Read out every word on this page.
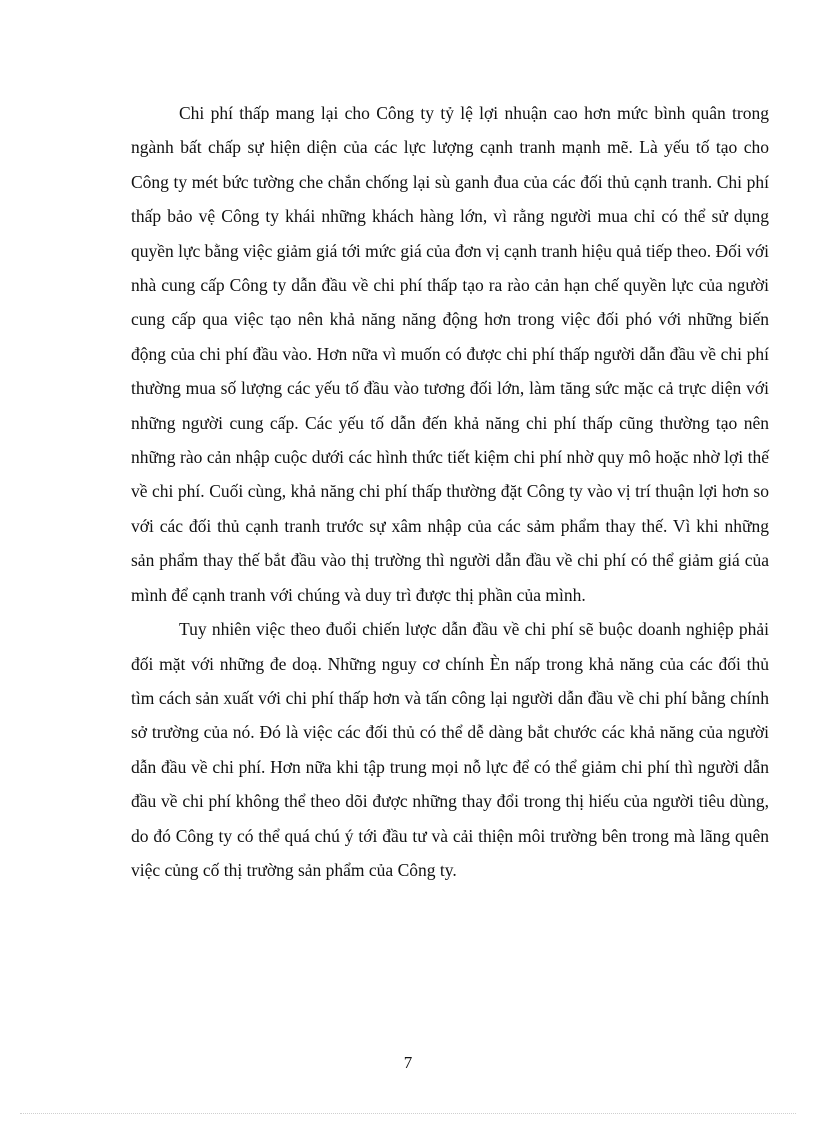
Chi phí thấp mang lại cho Công ty tỷ lệ lợi nhuận cao hơn mức bình quân trong ngành bất chấp sự hiện diện của các lực lượng cạnh tranh mạnh mẽ. Là yếu tố tạo cho Công ty mét bức tường che chắn chống lại sù ganh đua của các đối thủ cạnh tranh. Chi phí thấp bảo vệ Công ty khái những khách hàng lớn, vì rằng người mua chỉ có thể sử dụng quyền lực bằng việc giảm giá tới mức giá của đơn vị cạnh tranh hiệu quả tiếp theo. Đối với nhà cung cấp Công ty dẫn đầu về chi phí thấp tạo ra rào cản hạn chế quyền lực của người cung cấp qua việc tạo nên khả năng năng động hơn trong việc đối phó với những biến động của chi phí đầu vào. Hơn nữa vì muốn có được chi phí thấp người dẫn đầu về chi phí thường mua số lượng các yếu tố đầu vào tương đối lớn, làm tăng sức mặc cả trực diện với những người cung cấp. Các yếu tố dẫn đến khả năng chi phí thấp cũng thường tạo nên những rào cản nhập cuộc dưới các hình thức tiết kiệm chi phí nhờ quy mô hoặc nhờ lợi thế về chi phí. Cuối cùng, khả năng chi phí thấp thường đặt Công ty vào vị trí thuận lợi hơn so với các đối thủ cạnh tranh trước sự xâm nhập của các sảm phẩm thay thế. Vì khi những sản phẩm thay thế bắt đầu vào thị trường thì người dẫn đầu về chi phí có thể giảm giá của mình để cạnh tranh với chúng và duy trì được thị phần của mình.

Tuy nhiên việc theo đuổi chiến lược dẫn đầu về chi phí sẽ buộc doanh nghiệp phải đối mặt với những đe doạ. Những nguy cơ chính Èn nấp trong khả năng của các đối thủ tìm cách sản xuất với chi phí thấp hơn và tấn công lại người dẫn đầu về chi phí bằng chính sở trường của nó. Đó là việc các đối thủ có thể dễ dàng bắt chước các khả năng của người dẫn đầu về chi phí. Hơn nữa khi tập trung mọi nỗ lực để có thể giảm chi phí thì người dẫn đầu về chi phí không thể theo dõi được những thay đổi trong thị hiếu của người tiêu dùng, do đó Công ty có thể quá chú ý tới đầu tư và cải thiện môi trường bên trong mà lãng quên việc củng cố thị trường sản phẩm của Công ty.

7
